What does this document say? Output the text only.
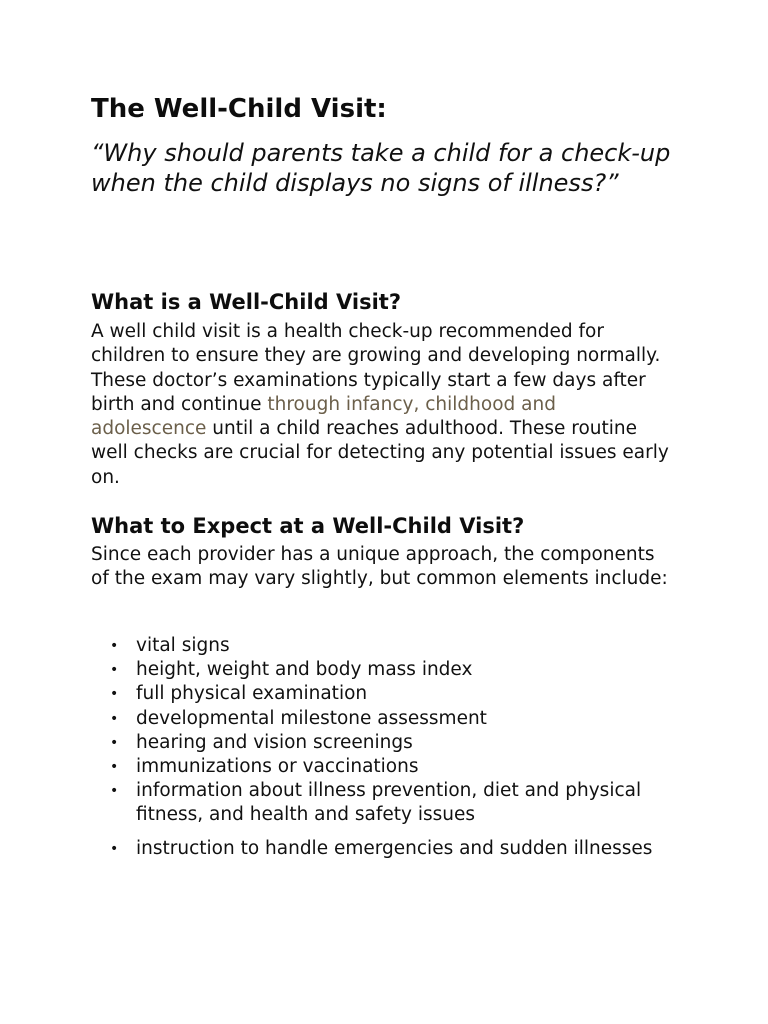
The Well-Child Visit:

“Why should parents take a child for a check-up when the child displays no signs of illness?”

What is a Well-Child Visit?

A well child visit is a health check-up recommended for children to ensure they are growing and developing normally. These doctor’s examinations typically start a few days after birth and continue through infancy, childhood and adolescence until a child reaches adulthood. These routine well checks are crucial for detecting any potential issues early on.

What to Expect at a Well-Child Visit?

Since each provider has a unique approach, the components of the exam may vary slightly, but common elements include:

• vital signs
• height, weight and body mass index
• full physical examination
• developmental milestone assessment
• hearing and vision screenings
• immunizations or vaccinations
• information about illness prevention, diet and physical fitness, and health and safety issues
• instruction to handle emergencies and sudden illnesses
